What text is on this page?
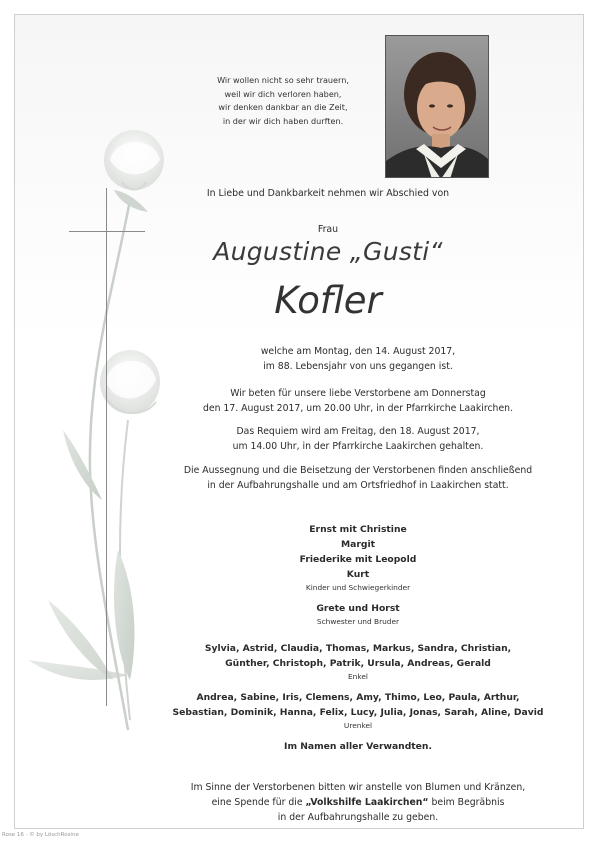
Wir wollen nicht so sehr trauern,
weil wir dich verloren haben,
wir denken dankbar an die Zeit,
in der wir dich haben durften.
In Liebe und Dankbarkeit nehmen wir Abschied von
Frau
Augustine „Gusti“
Kofler
welche am Montag, den 14. August 2017,
im 88. Lebensjahr von uns gegangen ist.
Wir beten für unsere liebe Verstorbene am Donnerstag
den 17. August 2017, um 20.00 Uhr, in der Pfarrkirche Laakirchen.
Das Requiem wird am Freitag, den 18. August 2017,
um 14.00 Uhr, in der Pfarrkirche Laakirchen gehalten.
Die Aussegnung und die Beisetzung der Verstorbenen finden anschließend
in der Aufbahrungshalle und am Ortsfriedhof in Laakirchen statt.
Ernst mit Christine
Margit
Friederike mit Leopold
Kurt
Kinder und Schwiegerkinder
Grete und Horst
Schwester und Bruder
Sylvia, Astrid, Claudia, Thomas, Markus, Sandra, Christian,
Günther, Christoph, Patrik, Ursula, Andreas, Gerald
Enkel
Andrea, Sabine, Iris, Clemens, Amy, Thimo, Leo, Paula, Arthur,
Sebastian, Dominik, Hanna, Felix, Lucy, Julia, Jonas, Sarah, Aline, David
Urenkel
Im Namen aller Verwandten.
Im Sinne der Verstorbenen bitten wir anstelle von Blumen und Kränzen,
eine Spende für die „Volkshilfe Laakirchen“ beim Begräbnis
in der Aufbahrungshalle zu geben.
Rose 16 · © by LöschRosine
